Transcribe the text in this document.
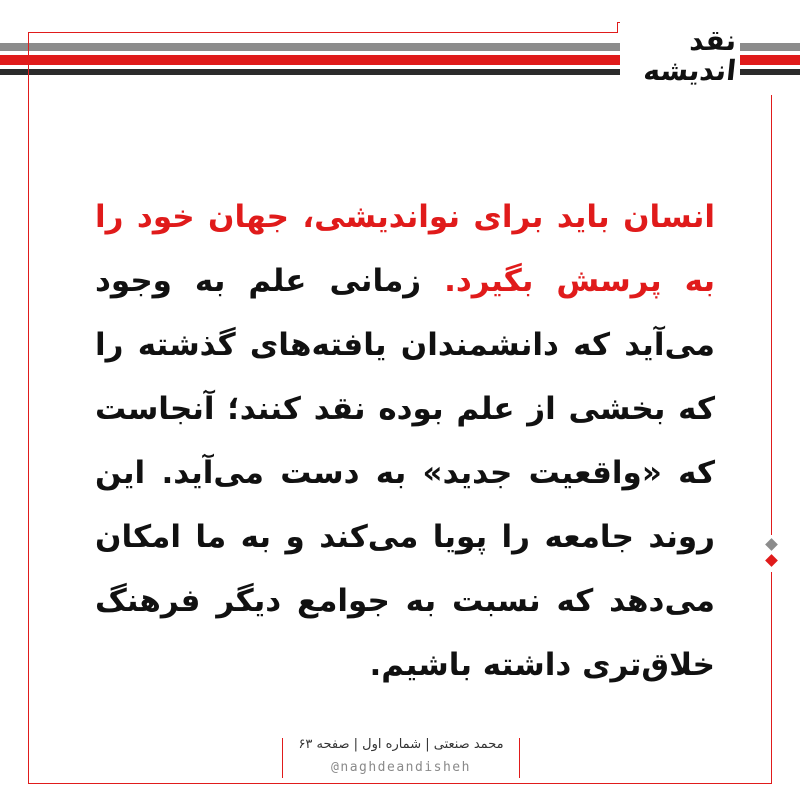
نقد
اندیشه
انسان باید برای نواندیشی، جهان خود را به پرسش بگیرد. زمانی علم به وجود می‌آید که دانشمندان یافته‌های گذشته را که بخشی از علم بوده نقد کنند؛ آنجاست که «واقعیت جدید» به دست می‌آید. این روند جامعه را پویا می‌کند و به ما امکان می‌دهد که نسبت به جوامع دیگر فرهنگ خلاق‌تری داشته باشیم.
محمد صنعتی | شماره اول | صفحه ۶۳
@naghdeandisheh
